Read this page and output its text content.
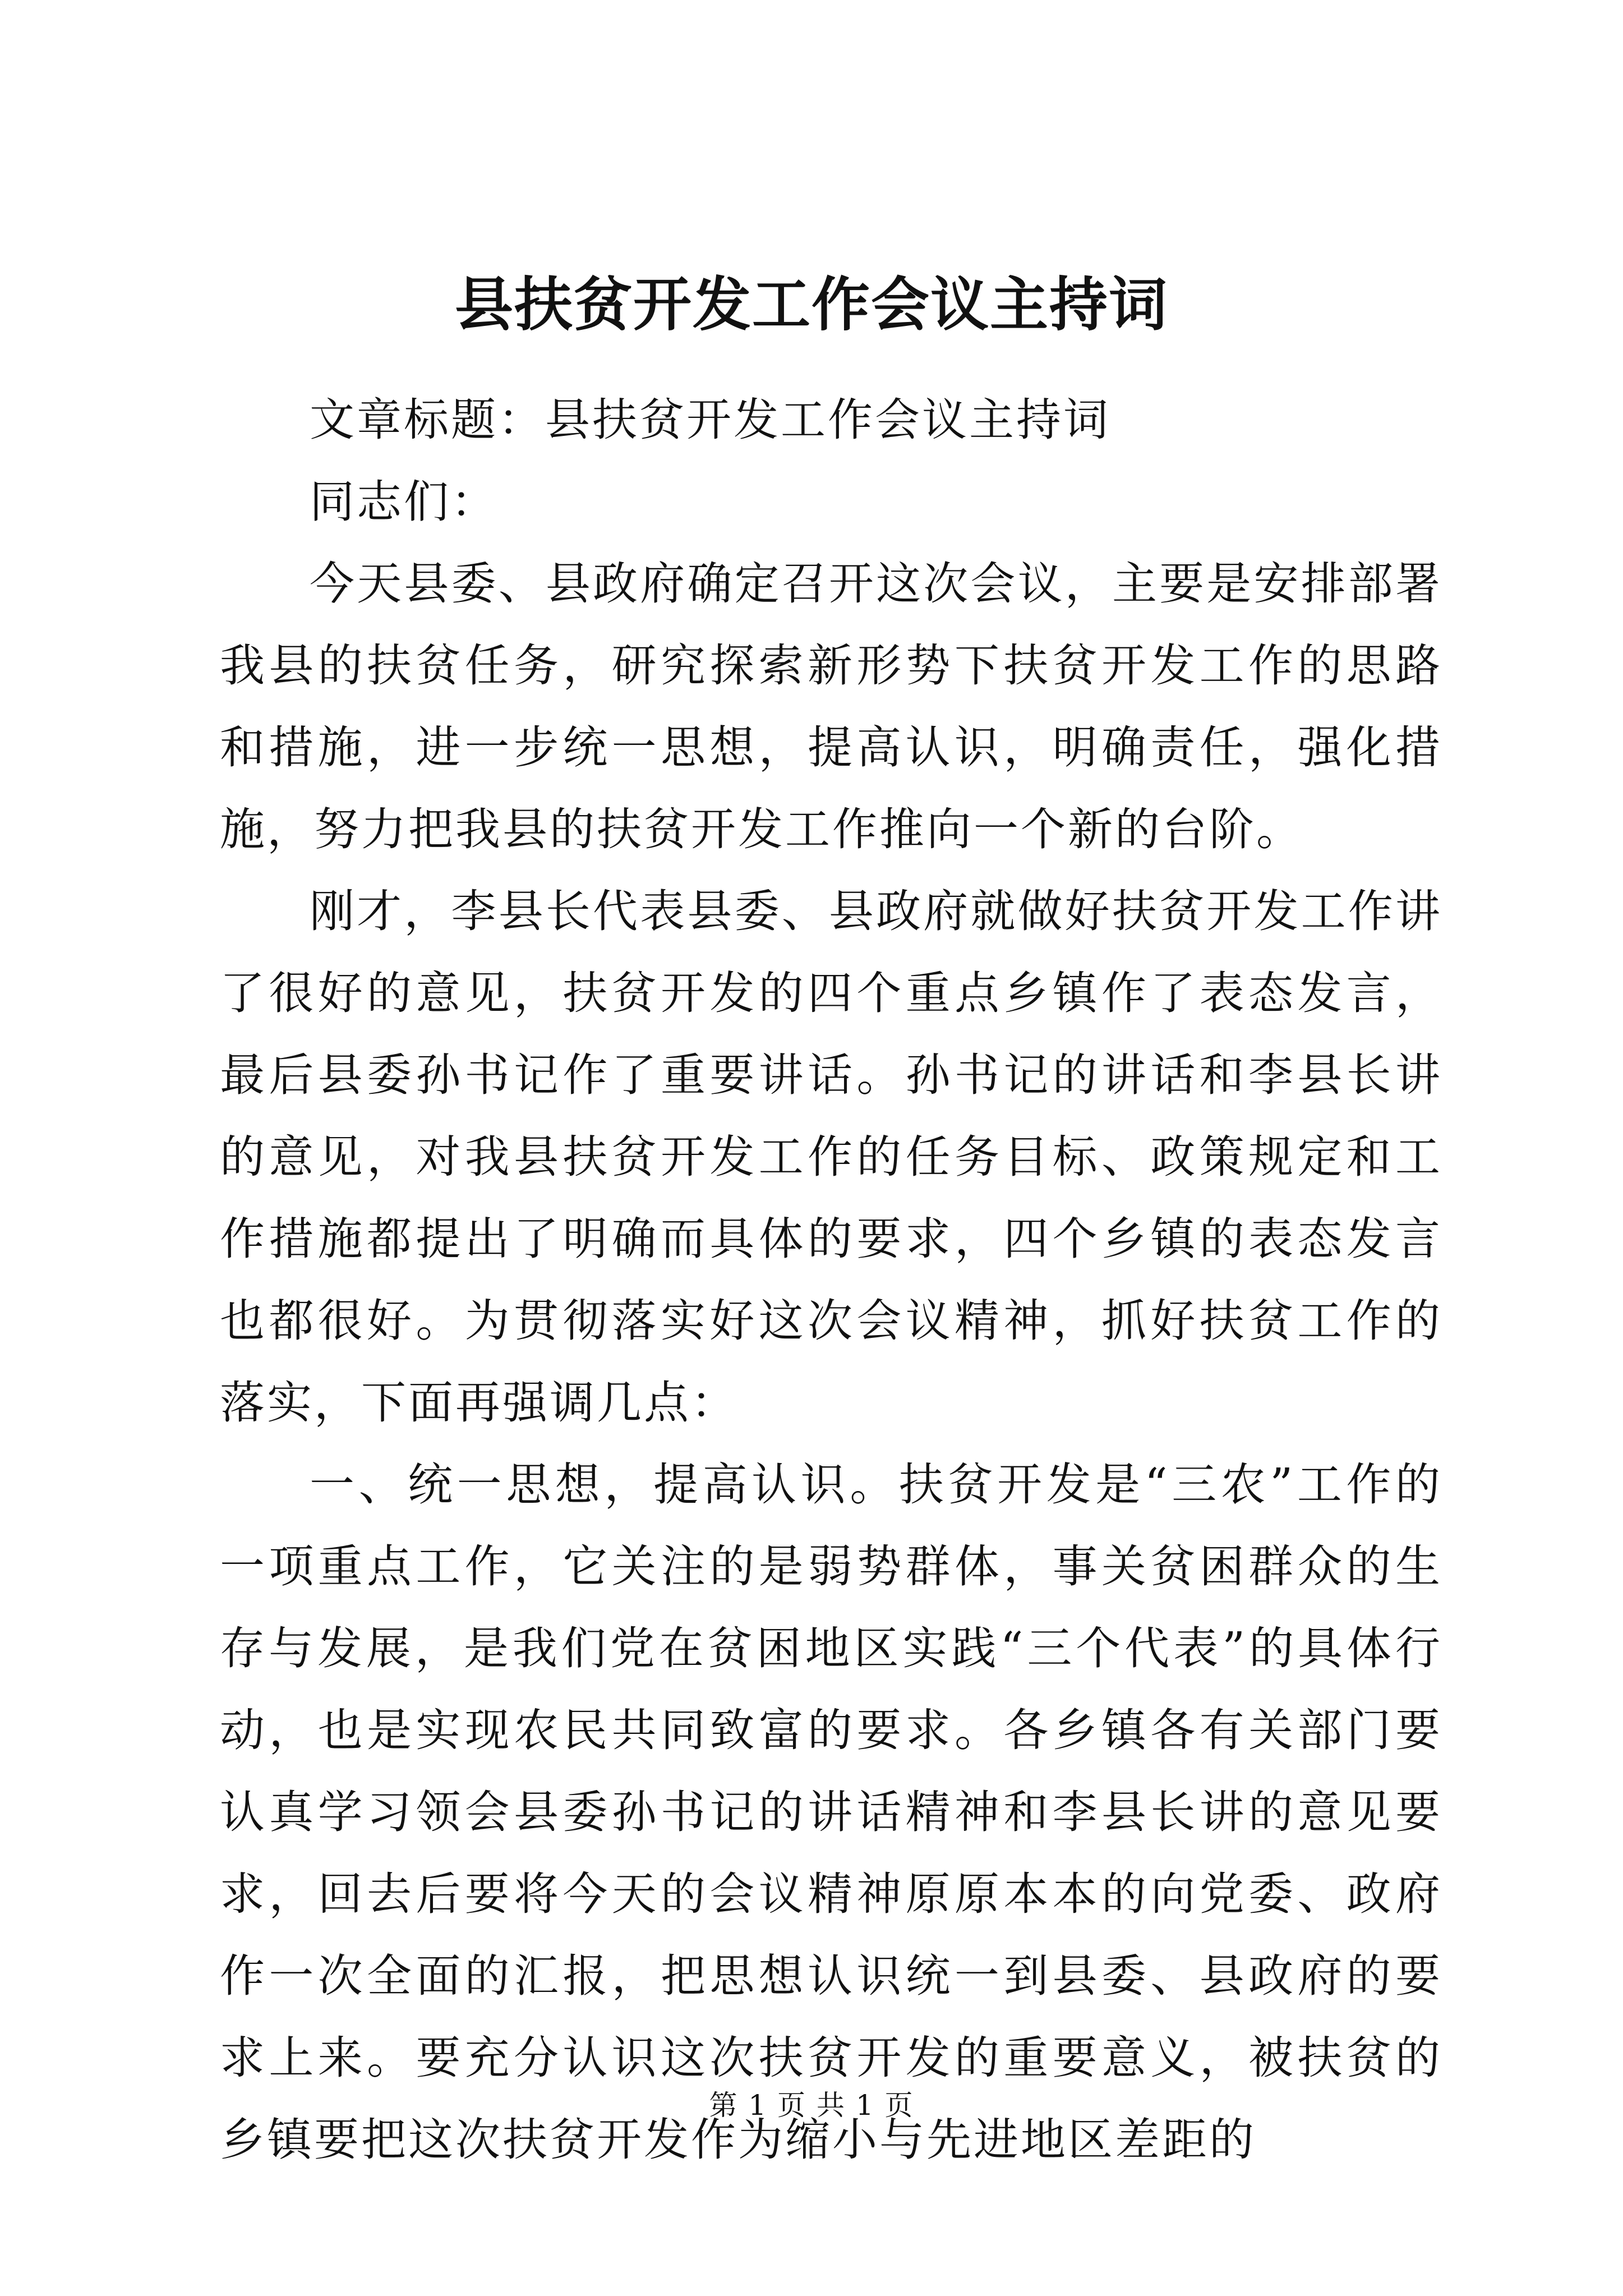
县扶贫开发工作会议主持词

文章标题：县扶贫开发工作会议主持词

同志们：

今天县委、县政府确定召开这次会议，主要是安排部署我县的扶贫任务，研究探索新形势下扶贫开发工作的思路和措施，进一步统一思想，提高认识，明确责任，强化措施，努力把我县的扶贫开发工作推向一个新的台阶。

刚才，李县长代表县委、县政府就做好扶贫开发工作讲了很好的意见，扶贫开发的四个重点乡镇作了表态发言，最后县委孙书记作了重要讲话。孙书记的讲话和李县长讲的意见，对我县扶贫开发工作的任务目标、政策规定和工作措施都提出了明确而具体的要求，四个乡镇的表态发言也都很好。为贯彻落实好这次会议精神，抓好扶贫工作的落实，下面再强调几点：

一、统一思想，提高认识。扶贫开发是“三农”工作的一项重点工作，它关注的是弱势群体，事关贫困群众的生存与发展，是我们党在贫困地区实践“三个代表”的具体行动，也是实现农民共同致富的要求。各乡镇各有关部门要认真学习领会县委孙书记的讲话精神和李县长讲的意见要求，回去后要将今天的会议精神原原本本的向党委、政府作一次全面的汇报，把思想认识统一到县委、县政府的要求上来。要充分认识这次扶贫开发的重要意义，被扶贫的乡镇要把这次扶贫开发作为缩小与先进地区差距的

第 1 页 共 1 页
